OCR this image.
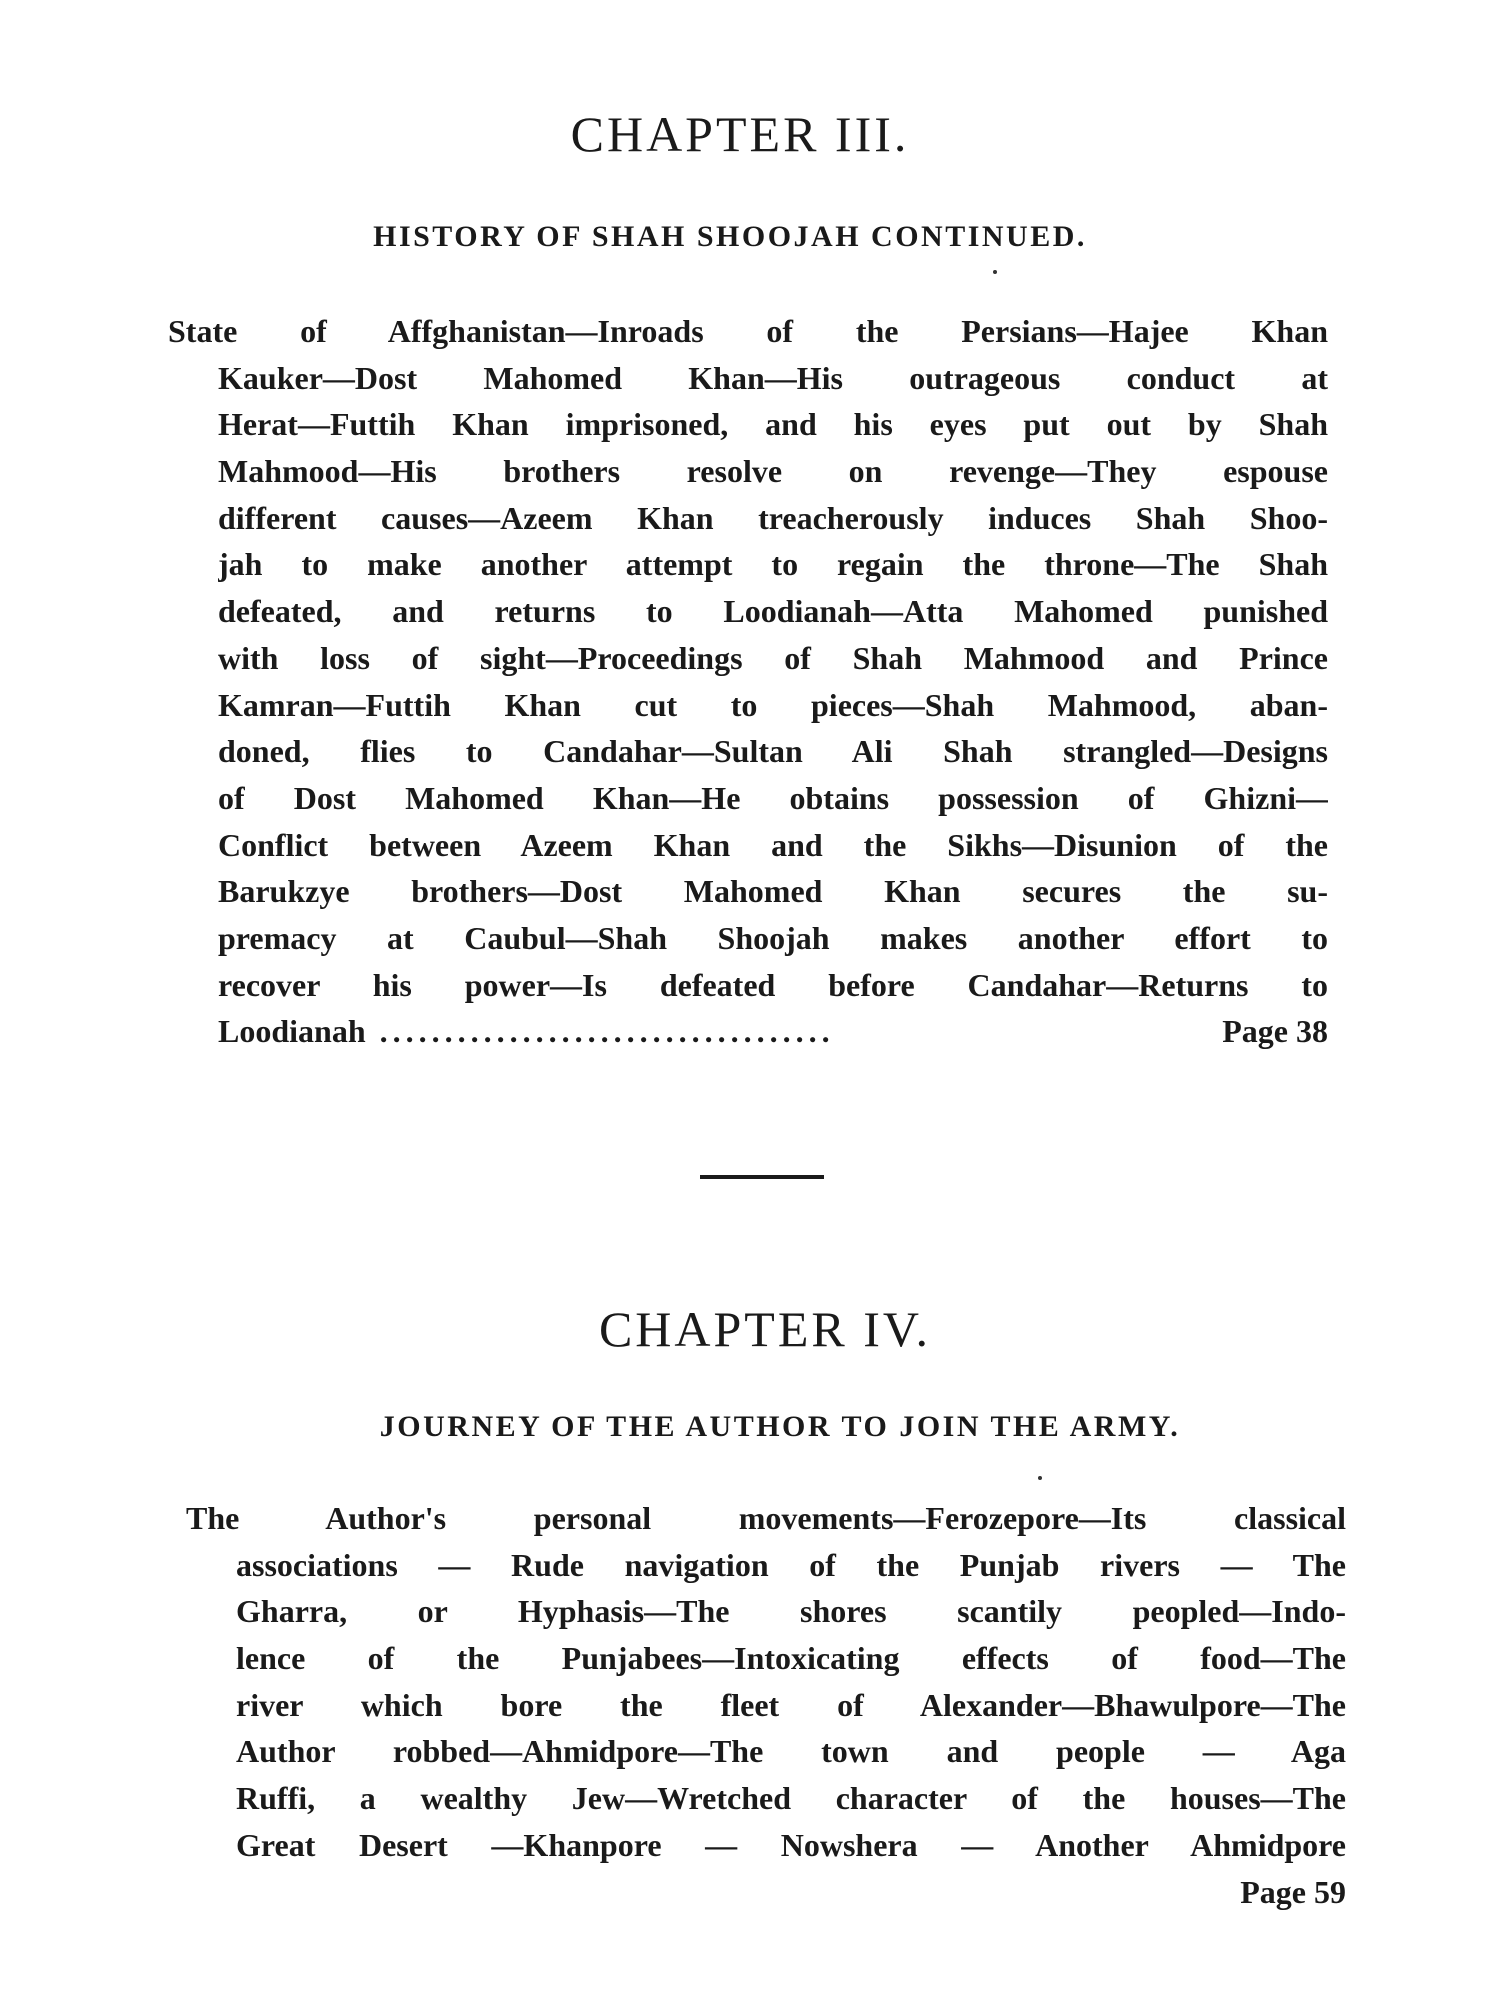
CHAPTER III.
HISTORY OF SHAH SHOOJAH CONTINUED.
State of Affghanistan—Inroads of the Persians—Hajee Khan
Kauker—Dost Mahomed Khan—His outrageous conduct at
Herat—Futtih Khan imprisoned, and his eyes put out by Shah
Mahmood—His brothers resolve on revenge—They espouse
different causes—Azeem Khan treacherously induces Shah Shoo-
jah to make another attempt to regain the throne—The Shah
defeated, and returns to Loodianah—Atta Mahomed punished
with loss of sight—Proceedings of Shah Mahmood and Prince
Kamran—Futtih Khan cut to pieces—Shah Mahmood, aban-
doned, flies to Candahar—Sultan Ali Shah strangled—Designs
of Dost Mahomed Khan—He obtains possession of Ghizni—
Conflict between Azeem Khan and the Sikhs—Disunion of the
Barukzye brothers—Dost Mahomed Khan secures the su-
premacy at Caubul—Shah Shoojah makes another effort to
recover his power—Is defeated before Candahar—Returns to
Loodianah ...................................	Page 38
CHAPTER IV.
JOURNEY OF THE AUTHOR TO JOIN THE ARMY.
The Author's personal movements—Ferozepore—Its classical
associations — Rude navigation of the Punjab rivers — The
Gharra, or Hyphasis—The shores scantily peopled—Indo-
lence of the Punjabees—Intoxicating effects of food—The
river which bore the fleet of Alexander—Bhawulpore—The
Author robbed—Ahmidpore—The town and people — Aga
Ruffi, a wealthy Jew—Wretched character of the houses—The
Great Desert —Khanpore — Nowshera — Another Ahmidpore
Page 59
